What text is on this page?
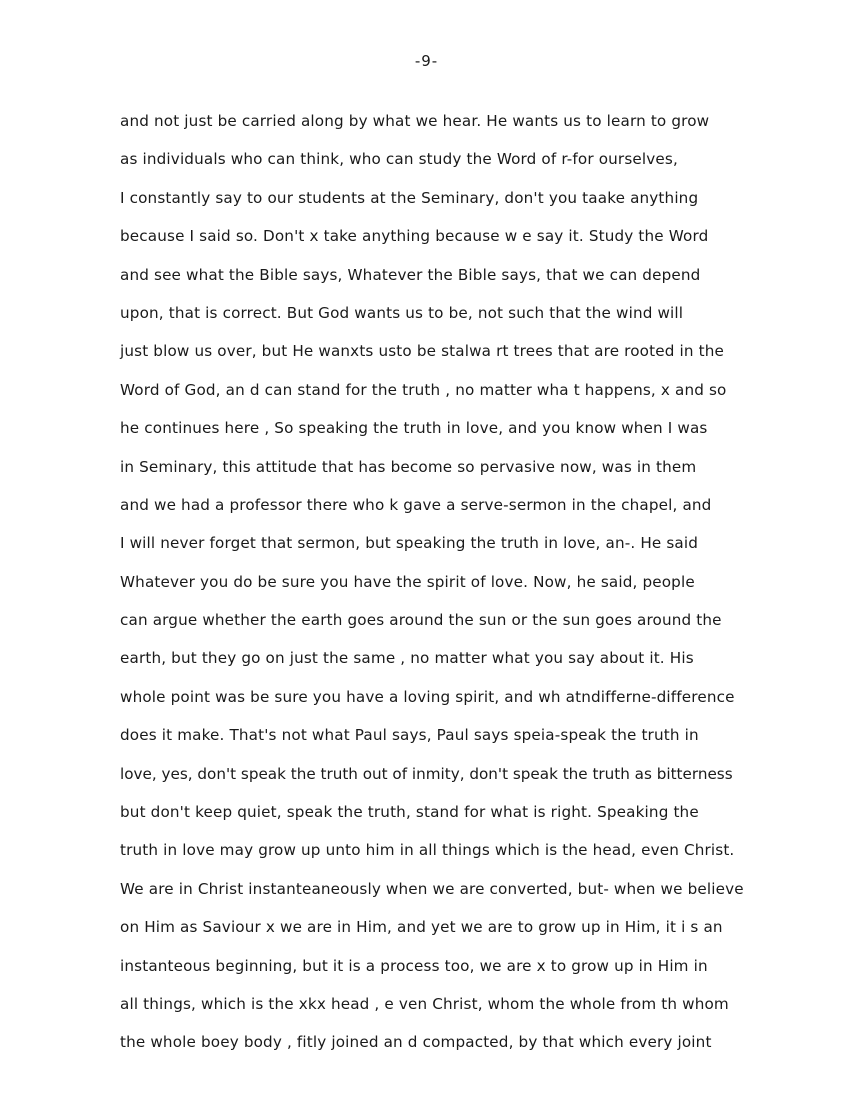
-9-
and not just be carried along by what we hear. He wants us to learn to grow
as individuals who can think, who can study the Word of r-for ourselves,
I constantly say to our students at the Seminary, don't you taake anything
because I said so. Don't x take anything because w e say it. Study the Word
and see what the Bible says, Whatever the Bible says, that we can depend
upon, that is correct. But God wants us to be, not such that the wind will
just blow us over, but He wanxts usto be stalwa rt trees that are rooted in the
Word of God, an d can stand for the truth , no matter wha t happens, x and so
he continues here , So speaking the truth in love, and you know when I was
in Seminary, this attitude that has become so pervasive now, was in them
and we had a professor there who k gave a serve-sermon in the chapel, and
I will never forget that sermon, but speaking the truth in love, an-. He said
Whatever you do be sure you have the spirit of love. Now, he said, people
can argue whether the earth goes around the sun or the sun goes around the
earth, but they go on just the same , no matter what you say about it. His
whole point was be sure you have a loving spirit, and wh atndifferne-difference
does it make. That's not what Paul says, Paul says speia-speak the truth in
love, yes, don't speak the truth out of inmity, don't speak the truth as bitterness
but don't keep quiet, speak the truth, stand for what is right. Speaking the
truth in love may grow up unto him in all things which is the head, even Christ.
We are in Christ instanteaneously when we are converted, but- when we believe
on Him as Saviour x we are in Him, and yet we are to grow up in Him, it i s an
instanteous beginning, but it is a process too, we are x to grow up in Him in
all things, which is the xkx head , e ven Christ, whom the whole from th whom
the whole boey body , fitly joined an d compacted, by that which every joint
